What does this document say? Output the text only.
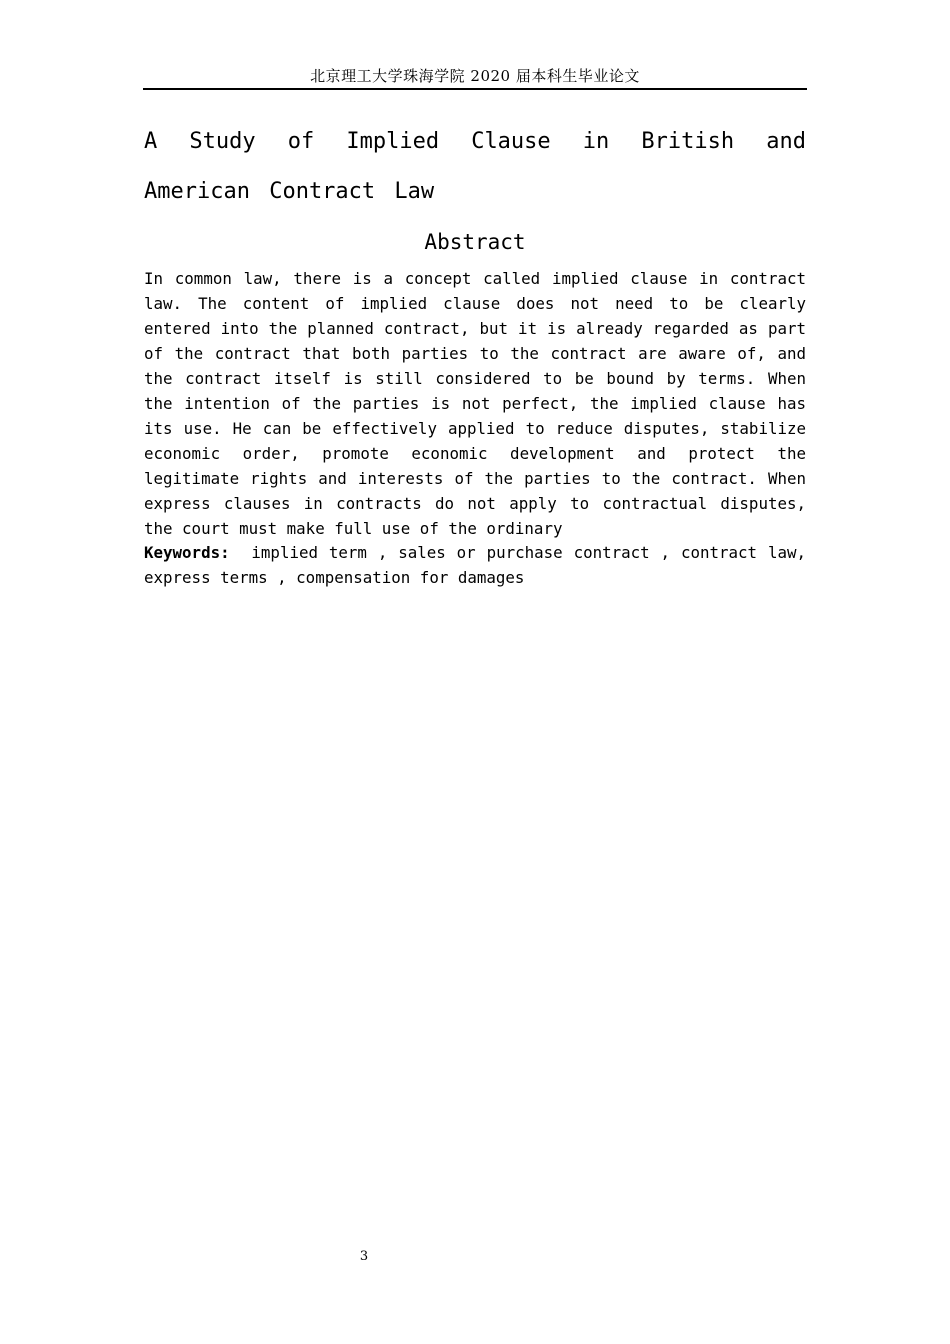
北京理工大学珠海学院 2020 届本科生毕业论文
A Study of Implied Clause in British and American Contract Law
Abstract

In common law, there is a concept called implied clause in contract law. The content of implied clause does not need to be clearly entered into the planned contract, but it is already regarded as part of the contract that both parties to the contract are aware of, and the contract itself is still considered to be bound by terms. When the intention of the parties is not perfect, the implied clause has its use. He can be effectively applied to reduce disputes, stabilize economic order, promote economic development and protect the legitimate rights and interests of the parties to the contract. When express clauses in contracts do not apply to contractual disputes, the court must make full use of the ordinary

Keywords: implied term , sales or purchase contract , contract law, express terms , compensation for damages

3
